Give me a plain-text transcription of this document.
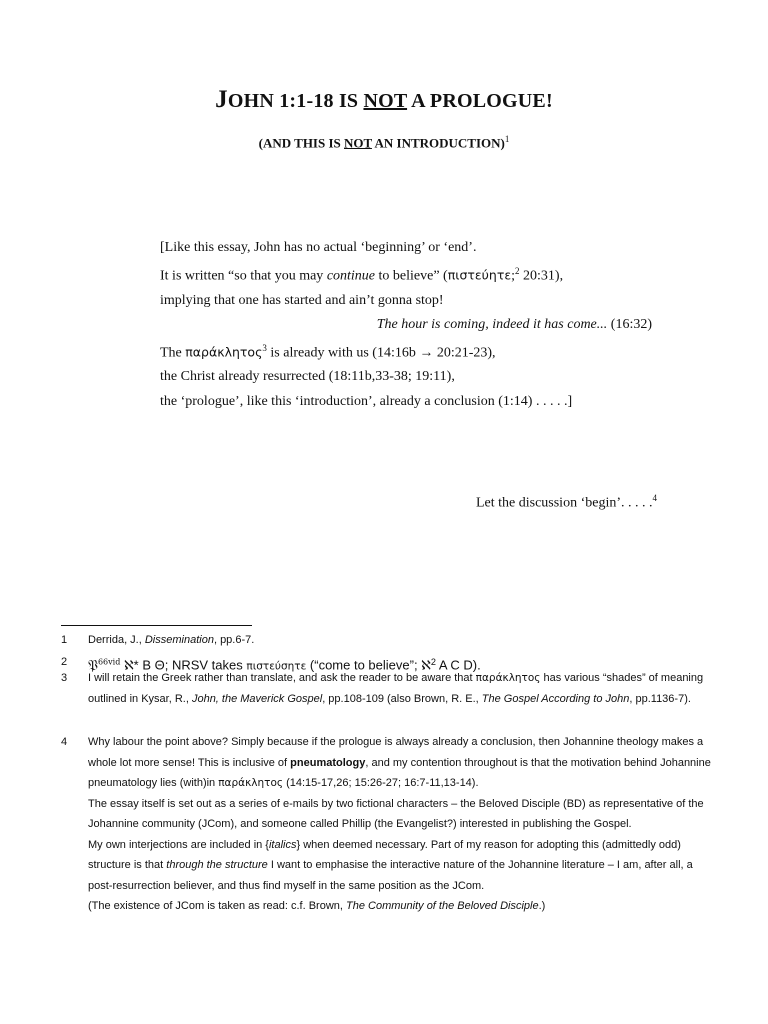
JOHN 1:1-18 IS NOT A PROLOGUE!
(AND THIS IS NOT AN INTRODUCTION)$^1$
[Like this essay, John has no actual ‘beginning’ or ‘end’.
It is written “so that you may continue to believe” (πιστεύητε;$^2$ 20:31),
implying that one has started and ain’t gonna stop!
The hour is coming, indeed it has come... (16:32)
The παράκλητος$^3$ is already with us (14:16b → 20:21-23),
the Christ already resurrected (18:11b,33-38; 19:11),
the ‘prologue’, like this ‘introduction’, already a conclusion (1:14) . . . . .]
Let the discussion ‘begin’. . . . .$^4$
1 Derrida, J., Dissemination, pp.6-7.
2 𝔓$^{66vid}$ ℵ* B Θ; NRSV takes πιστεύσητε (“come to believe”; ℵ$^2$ A C D).
3 I will retain the Greek rather than translate, and ask the reader to be aware that παράκλητος has various “shades” of meaning outlined in Kysar, R., John, the Maverick Gospel, pp.108-109 (also Brown, R. E., The Gospel According to John, pp.1136-7).
4 Why labour the point above? Simply because if the prologue is always already a conclusion, then Johannine theology makes a whole lot more sense! This is inclusive of pneumatology, and my contention throughout is that the motivation behind Johannine pneumatology lies (with)in παράκλητος (14:15-17,26; 15:26-27; 16:7-11,13-14).
The essay itself is set out as a series of e-mails by two fictional characters – the Beloved Disciple (BD) as representative of the Johannine community (JCom), and someone called Phillip (the Evangelist?) interested in publishing the Gospel.
My own interjections are included in {italics} when deemed necessary. Part of my reason for adopting this (admittedly odd) structure is that through the structure I want to emphasise the interactive nature of the Johannine literature – I am, after all, a post-resurrection believer, and thus find myself in the same position as the JCom.
(The existence of JCom is taken as read: c.f. Brown, The Community of the Beloved Disciple.)
